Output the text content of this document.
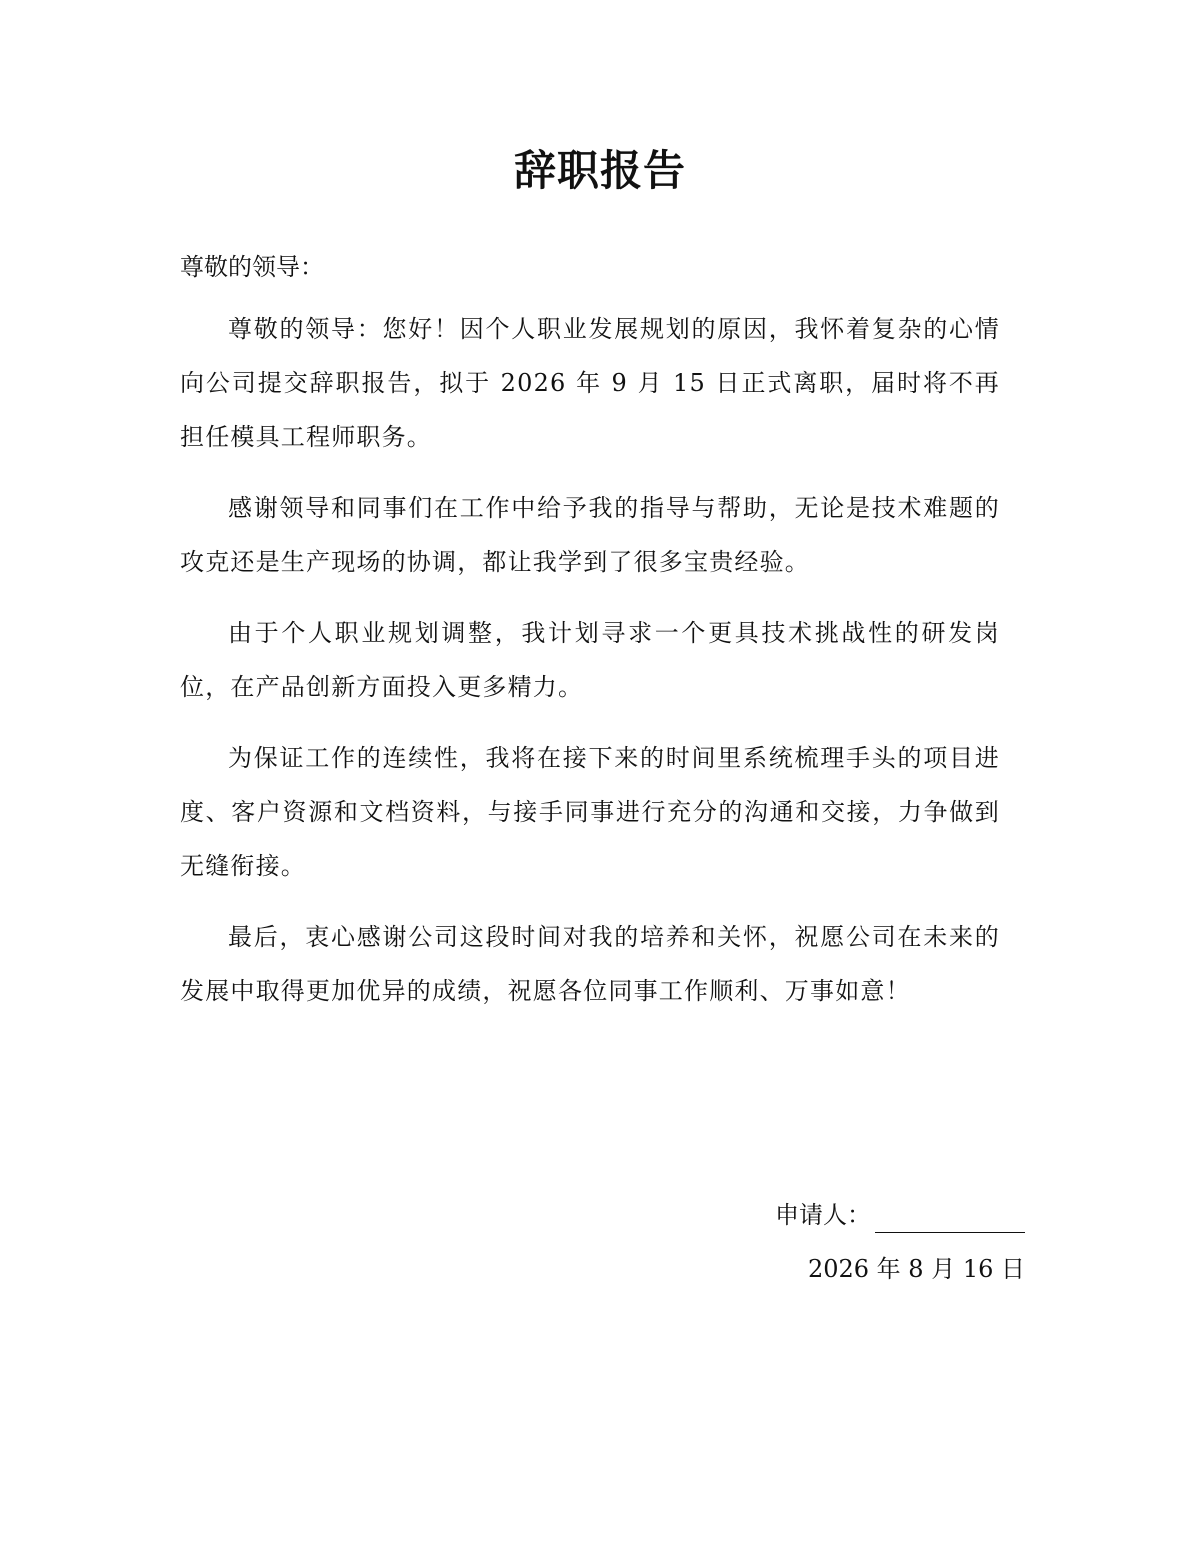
辞职报告
尊敬的领导：

尊敬的领导：您好！因个人职业发展规划的原因，我怀着复杂的心情向公司提交辞职报告，拟于 2026 年 9 月 15 日正式离职，届时将不再担任模具工程师职务。

感谢领导和同事们在工作中给予我的指导与帮助，无论是技术难题的攻克还是生产现场的协调，都让我学到了很多宝贵经验。

由于个人职业规划调整，我计划寻求一个更具技术挑战性的研发岗位，在产品创新方面投入更多精力。

为保证工作的连续性，我将在接下来的时间里系统梳理手头的项目进度、客户资源和文档资料，与接手同事进行充分的沟通和交接，力争做到无缝衔接。

最后，衷心感谢公司这段时间对我的培养和关怀，祝愿公司在未来的发展中取得更加优异的成绩，祝愿各位同事工作顺利、万事如意！

申请人：
2026 年 8 月 16 日
